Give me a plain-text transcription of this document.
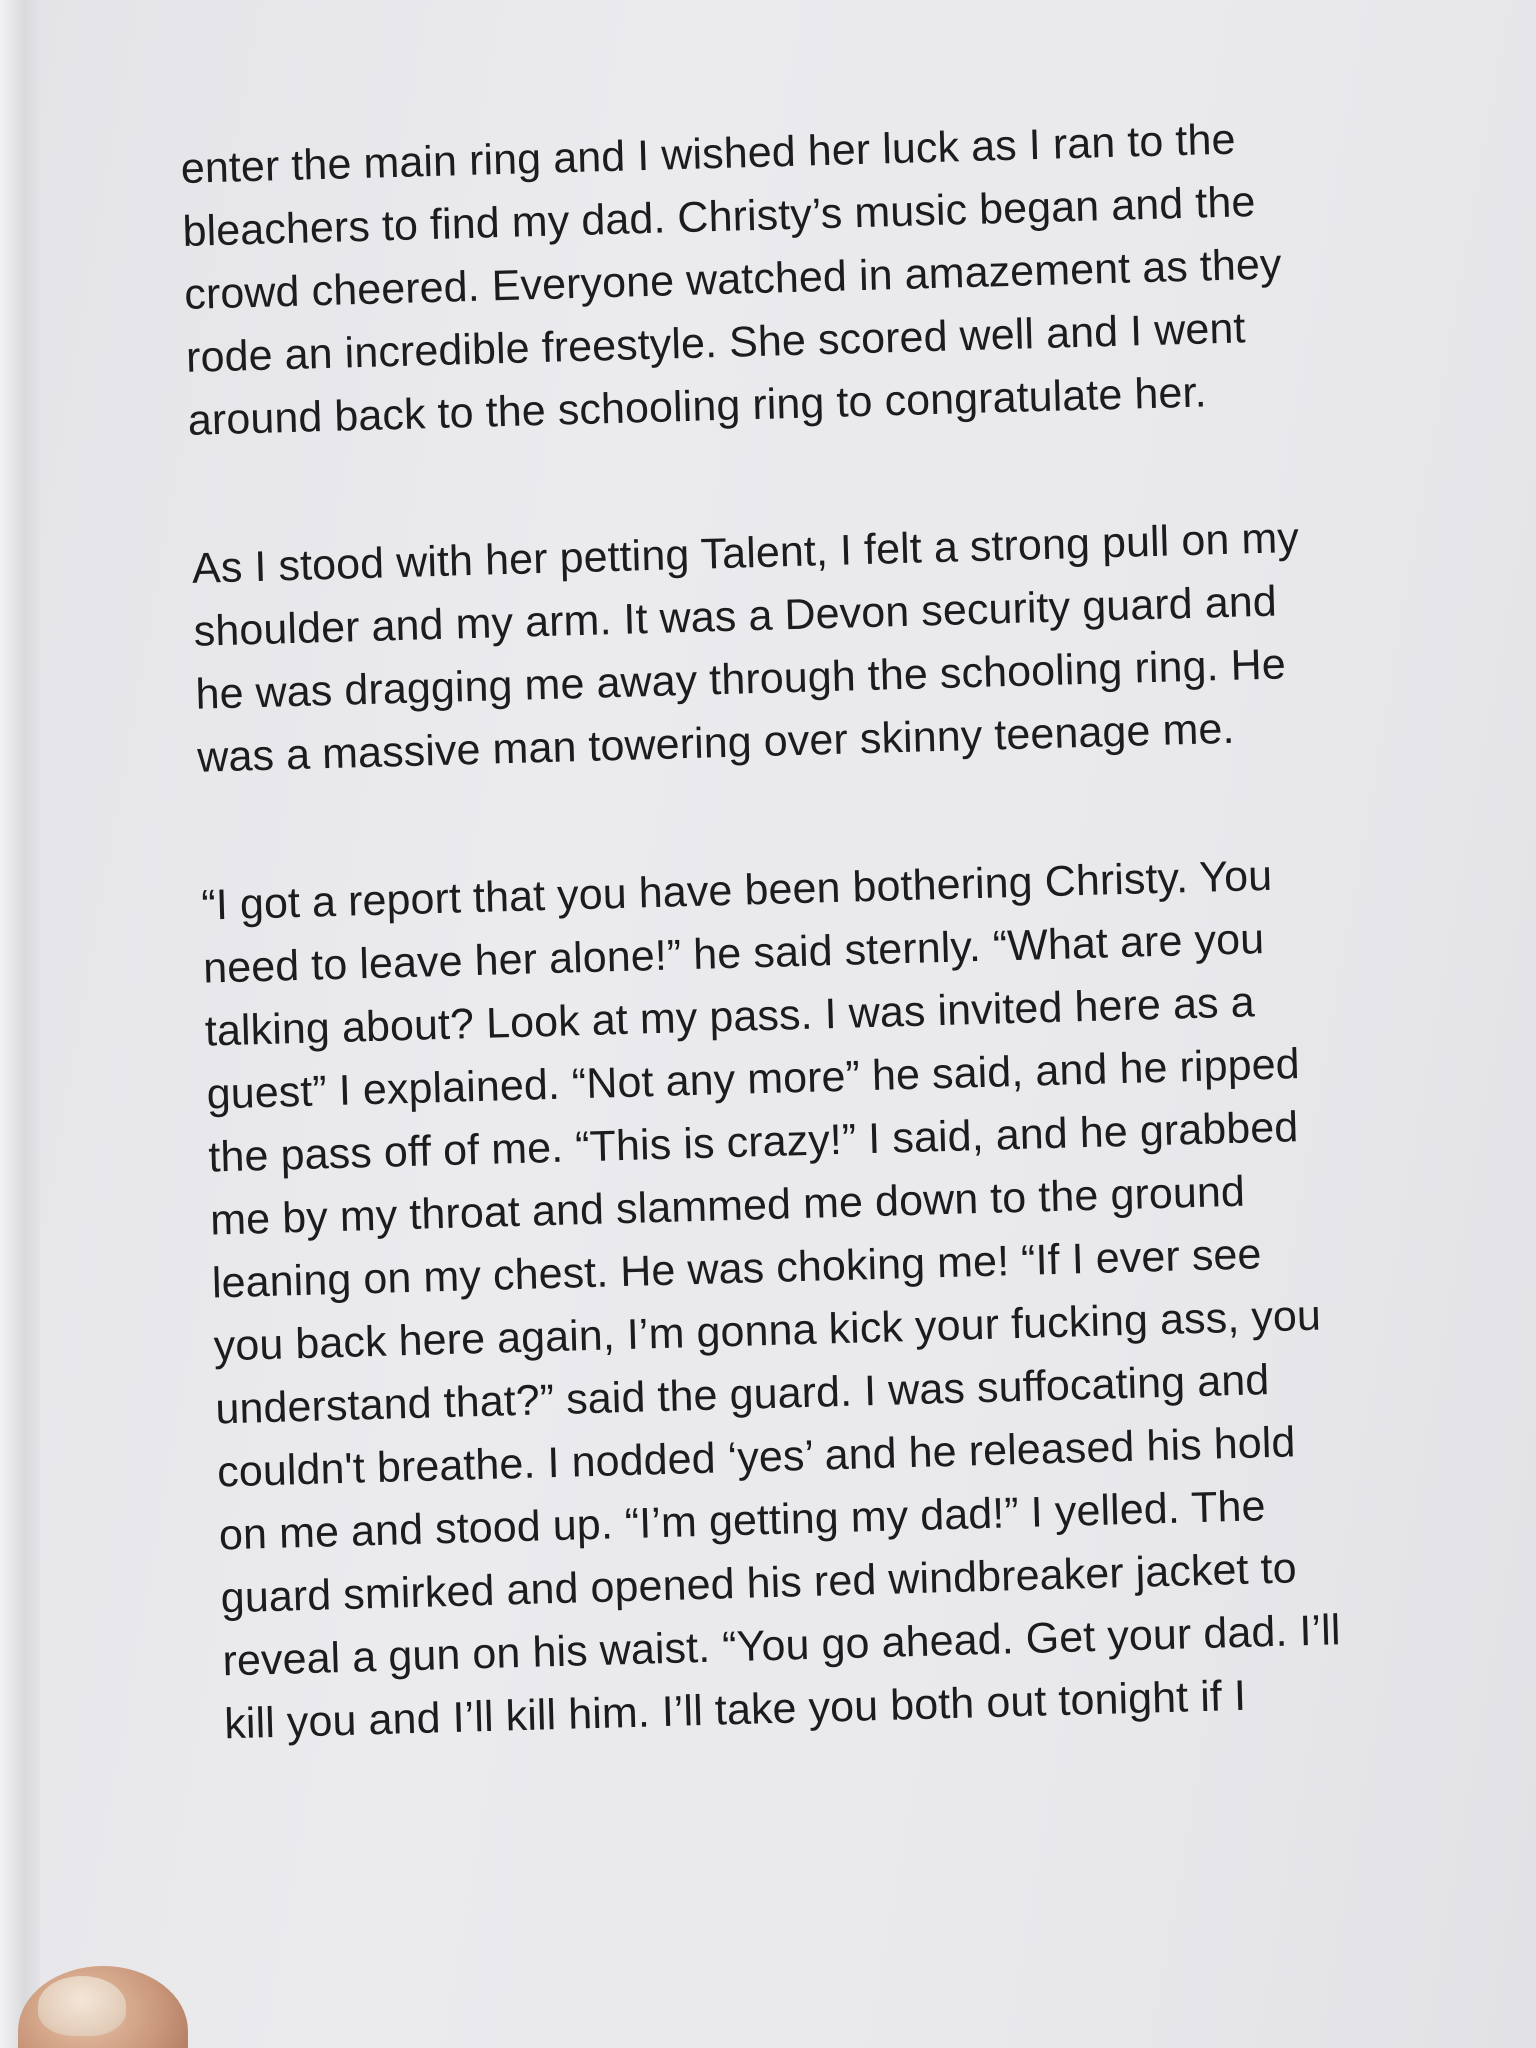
enter the main ring and I wished her luck as I ran to the
bleachers to find my dad. Christy’s music began and the
crowd cheered. Everyone watched in amazement as they
rode an incredible freestyle. She scored well and I went
around back to the schooling ring to congratulate her.

As I stood with her petting Talent, I felt a strong pull on my
shoulder and my arm. It was a Devon security guard and
he was dragging me away through the schooling ring. He
was a massive man towering over skinny teenage me.

“I got a report that you have been bothering Christy. You
need to leave her alone!” he said sternly. “What are you
talking about? Look at my pass. I was invited here as a
guest” I explained. “Not any more” he said, and he ripped
the pass off of me. “This is crazy!” I said, and he grabbed
me by my throat and slammed me down to the ground
leaning on my chest. He was choking me! “If I ever see
you back here again, I’m gonna kick your fucking ass, you
understand that?” said the guard. I was suffocating and
couldn't breathe. I nodded ‘yes’ and he released his hold
on me and stood up. “I’m getting my dad!” I yelled. The
guard smirked and opened his red windbreaker jacket to
reveal a gun on his waist. “You go ahead. Get your dad. I’ll
kill you and I’ll kill him. I’ll take you both out tonight if I
